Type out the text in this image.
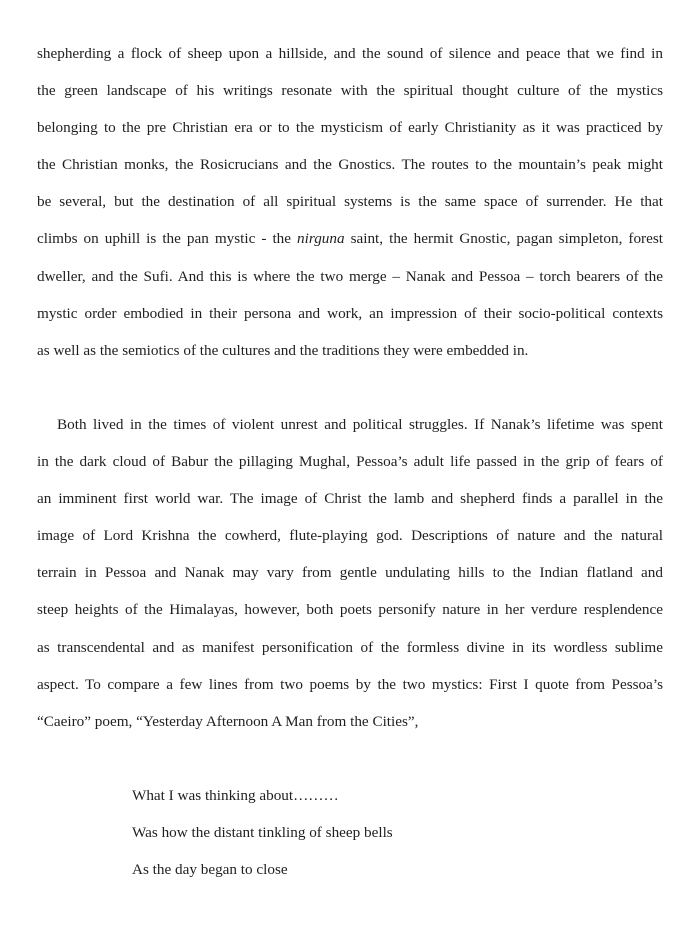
shepherding a flock of sheep upon a hillside, and the sound of silence and peace that we find in
the green landscape of his writings resonate with the spiritual thought culture of the mystics
belonging to the pre Christian era or to the mysticism of early Christianity as it was practiced by
the Christian monks, the Rosicrucians and the Gnostics. The routes to the mountain’s peak might
be several, but the destination of all spiritual systems is the same space of surrender. He that
climbs on uphill is the pan mystic - the nirguna saint, the hermit Gnostic, pagan simpleton, forest
dweller, and the Sufi. And this is where the two merge – Nanak and Pessoa – torch bearers of the
mystic order embodied in their persona and work, an impression of their socio-political contexts
as well as the semiotics of the cultures and the traditions they were embedded in.
Both lived in the times of violent unrest and political struggles. If Nanak’s lifetime was spent
in the dark cloud of Babur the pillaging Mughal, Pessoa’s adult life passed in the grip of fears of
an imminent first world war. The image of Christ the lamb and shepherd finds a parallel in the
image of Lord Krishna the cowherd, flute-playing god. Descriptions of nature and the natural
terrain in Pessoa and Nanak may vary from gentle undulating hills to the Indian flatland and
steep heights of the Himalayas, however, both poets personify nature in her verdure resplendence
as transcendental and as manifest personification of the formless divine in its wordless sublime
aspect. To compare a few lines from two poems by the two mystics: First I quote from Pessoa’s
“Caeiro” poem, “Yesterday Afternoon A Man from the Cities”,
What I was thinking about………
Was how the distant tinkling of sheep bells
As the day began to close
